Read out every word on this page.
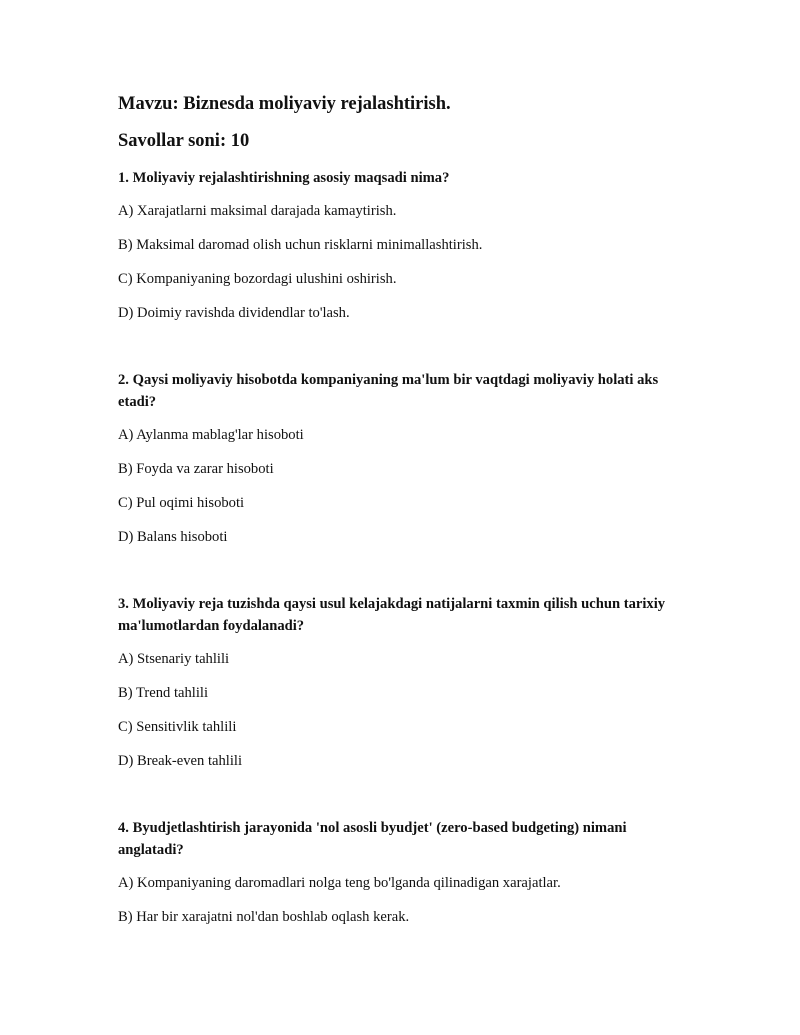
Mavzu: Biznesda moliyaviy rejalashtirish.

Savollar soni: 10

1. Moliyaviy rejalashtirishning asosiy maqsadi nima?

A) Xarajatlarni maksimal darajada kamaytirish.

B) Maksimal daromad olish uchun risklarni minimallashtirish.

C) Kompaniyaning bozordagi ulushini oshirish.

D) Doimiy ravishda dividendlar to'lash.

2. Qaysi moliyaviy hisobotda kompaniyaning ma'lum bir vaqtdagi moliyaviy holati aks etadi?

A) Aylanma mablag'lar hisoboti

B) Foyda va zarar hisoboti

C) Pul oqimi hisoboti

D) Balans hisoboti

3. Moliyaviy reja tuzishda qaysi usul kelajakdagi natijalarni taxmin qilish uchun tarixiy ma'lumotlardan foydalanadi?

A) Stsenariy tahlili

B) Trend tahlili

C) Sensitivlik tahlili

D) Break-even tahlili

4. Byudjetlashtirish jarayonida 'nol asosli byudjet' (zero-based budgeting) nimani anglatadi?

A) Kompaniyaning daromadlari nolga teng bo'lganda qilinadigan xarajatlar.

B) Har bir xarajatni nol'dan boshlab oqlash kerak.
